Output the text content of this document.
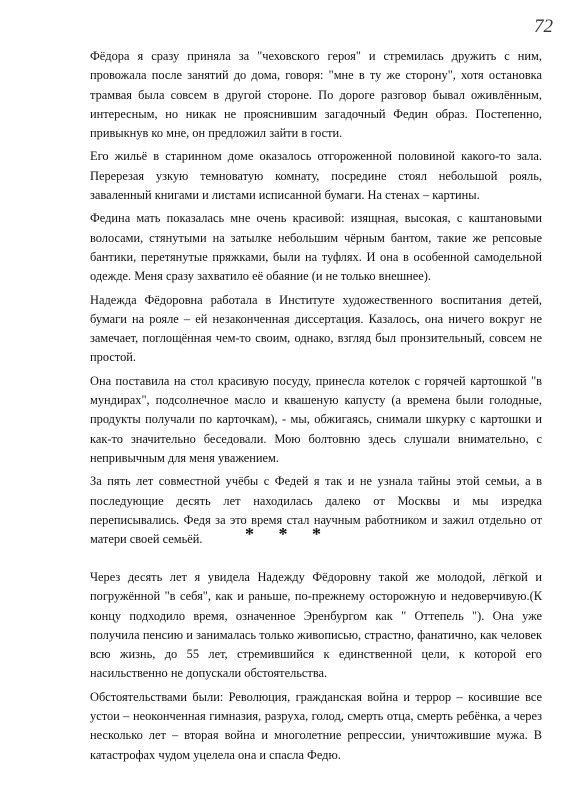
72

Фёдора я сразу приняла за "чеховского героя" и стремилась дружить с ним, провожала после занятий до дома, говоря: "мне в ту же сторону", хотя остановка трамвая была совсем в другой стороне. По дороге разговор бывал оживлённым, интересным, но никак не прояснившим загадочный Федин образ. Постепенно, привыкнув ко мне, он предложил зайти в гости.

Его жильё в старинном доме оказалось отгороженной половиной какого-то зала. Перерезая узкую темноватую комнату, посредине стоял небольшой рояль, заваленный книгами и листами исписанной бумаги. На стенах – картины.

Федина мать показалась мне очень красивой: изящная, высокая, с каштановыми волосами, стянутыми на затылке небольшим чёрным бантом, такие же репсовые бантики, перетянутые пряжками, были на туфлях. И она в особенной самодельной одежде. Меня сразу захватило её обаяние (и не только внешнее).

Надежда Фёдоровна работала в Институте художественного воспитания детей, бумаги на рояле – ей незаконченная диссертация. Казалось, она ничего вокруг не замечает, поглощённая чем-то своим, однако, взгляд был пронзительный, совсем не простой.

Она поставила на стол красивую посуду, принесла котелок с горячей картошкой "в мундирах", подсолнечное масло и квашеную капусту (а времена были голодные, продукты получали по карточкам), - мы, обжигаясь, снимали шкурку с картошки и как-то значительно беседовали. Мою болтовню здесь слушали внимательно, с непривычным для меня уважением.

За пять лет совместной учёбы с Федей я так и не узнала тайны этой семьи, а в последующие десять лет находилась далеко от Москвы и мы изредка переписывались. Федя за это время стал научным работником и зажил отдельно от матери своей семьёй.	* * *

Через десять лет я увидела Надежду Фёдоровну такой же молодой, лёгкой и погружённой "в себя", как и раньше, по-прежнему осторожную и недоверчивую.(К концу подходило время, означенное Эренбургом как " Оттепель "). Она уже получила пенсию и занималась только живописью, страстно, фанатично, как человек всю жизнь, до 55 лет, стремившийся к единственной цели, к которой его насильственно не допускали обстоятельства.

Обстоятельствами были: Революция, гражданская война и террор – косившие все устои – неоконченная гимназия, разруха, голод, смерть отца, смерть ребёнка, а через несколько лет – вторая война и многолетние репрессии, уничтожившие мужа. В катастрофах чудом уцелела она и спасла Федю.
